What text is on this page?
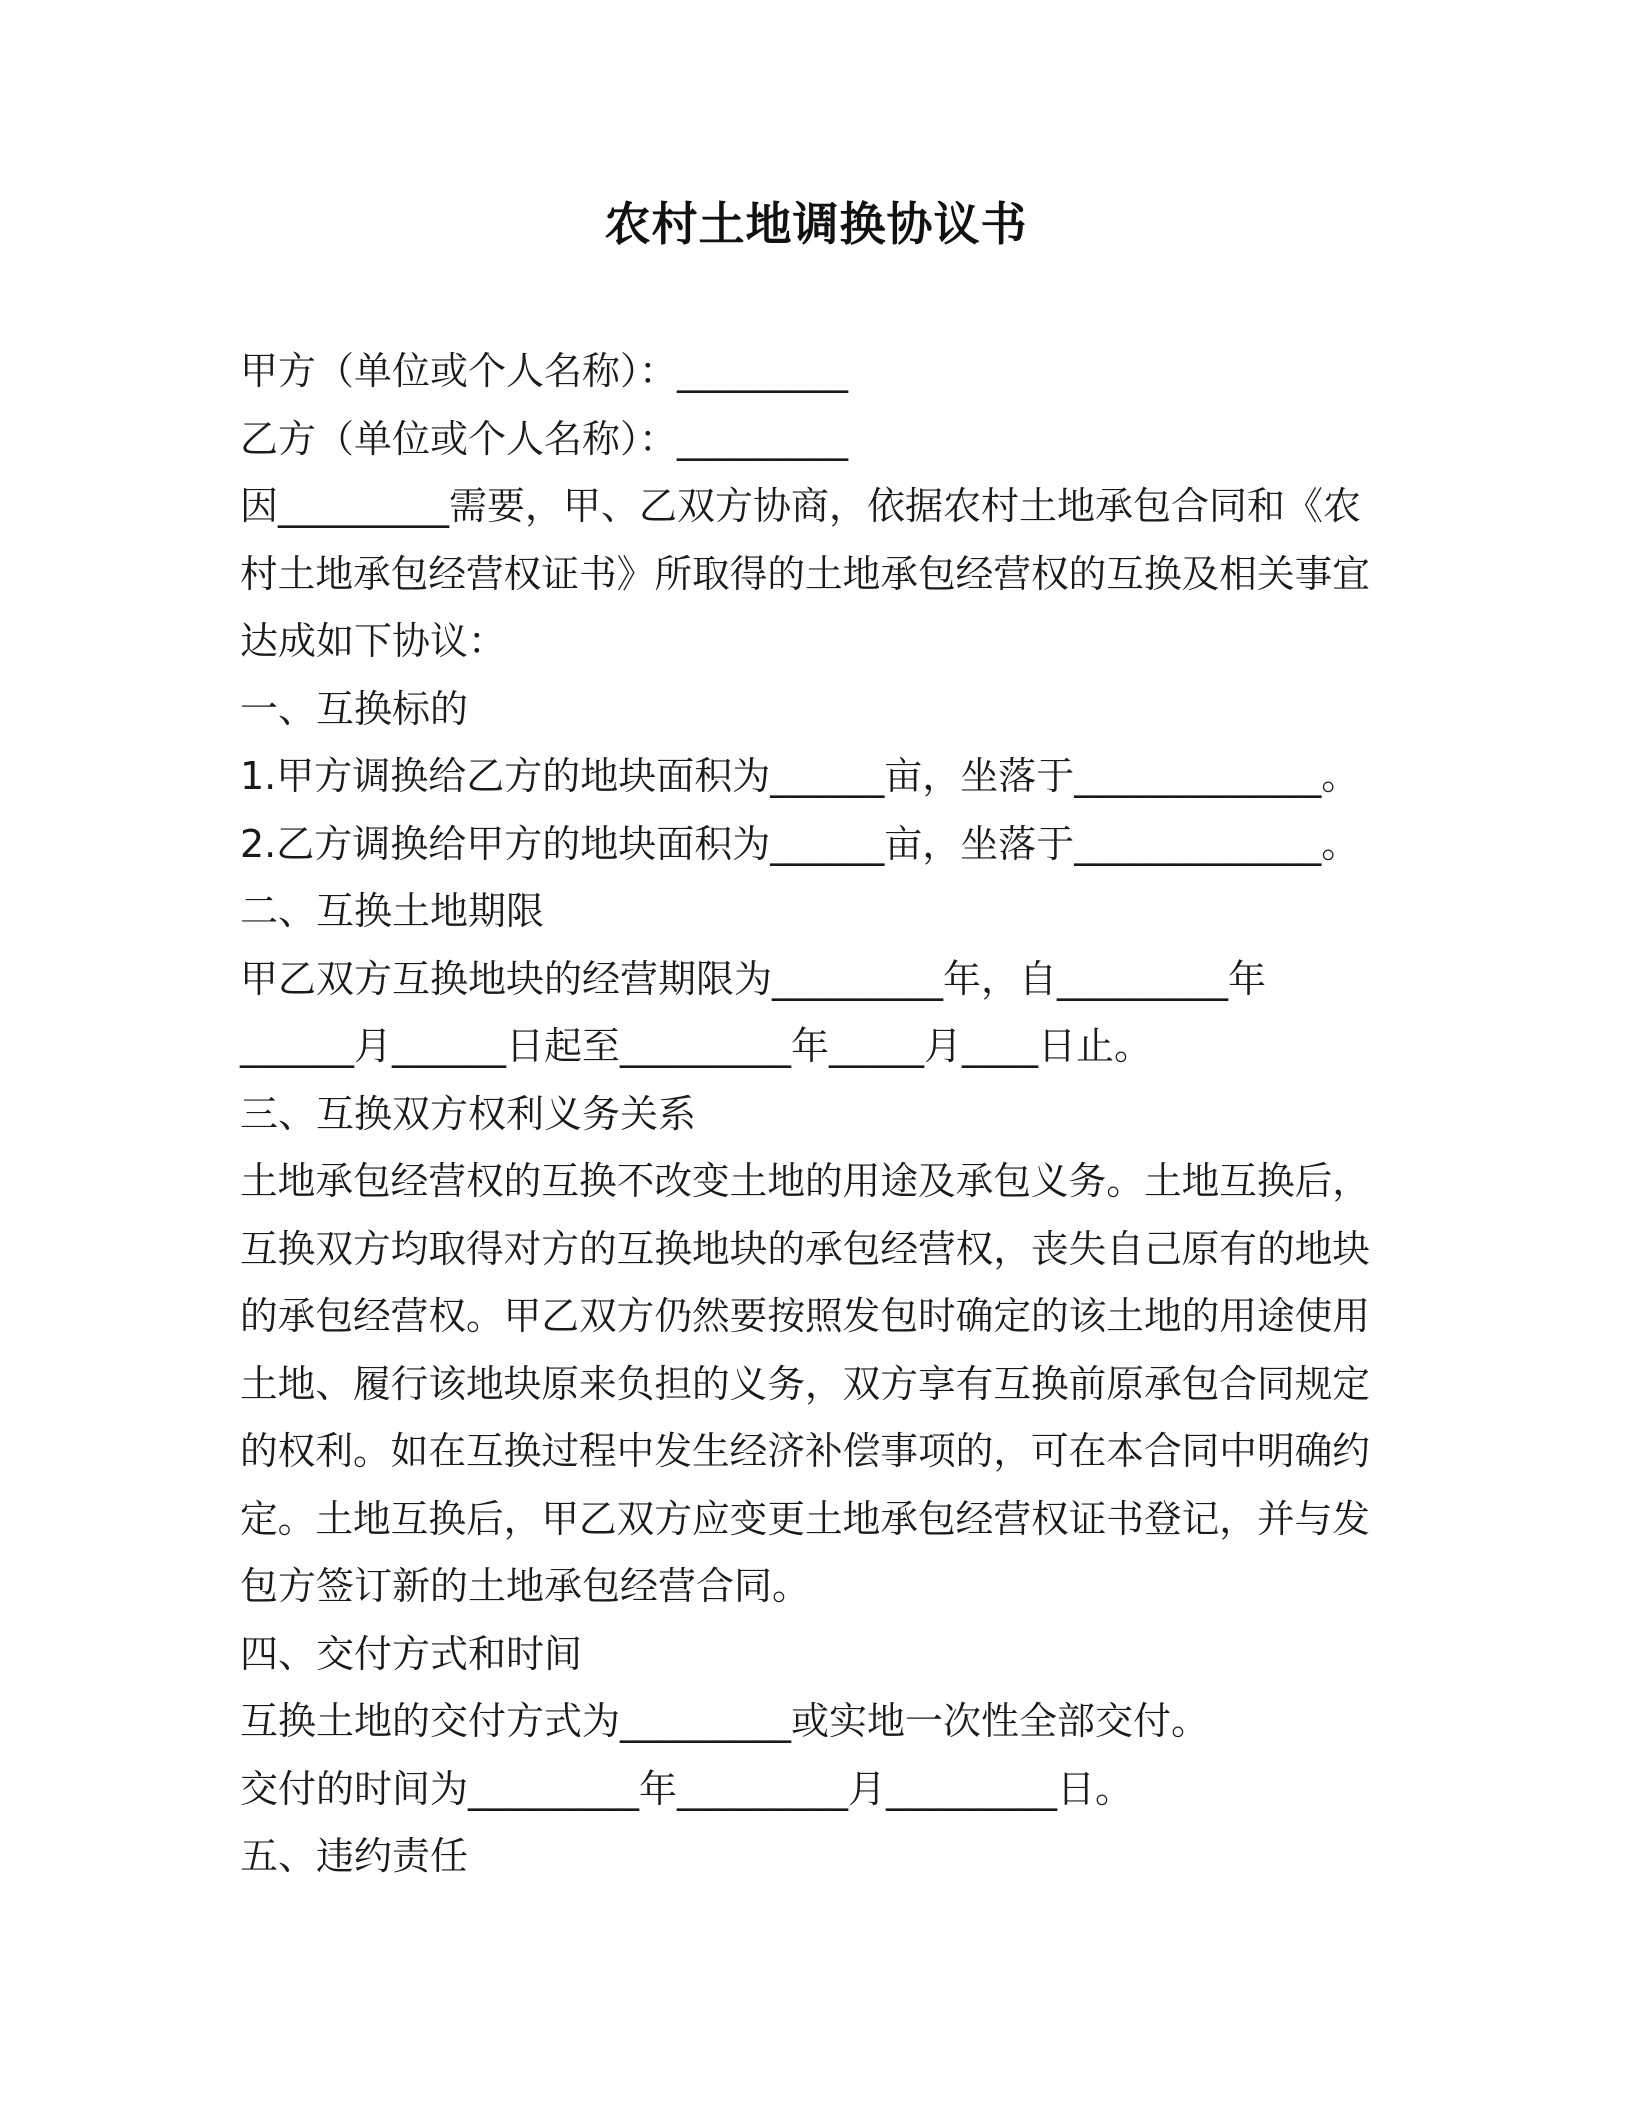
农村土地调换协议书
甲方（单位或个人名称）：_________
乙方（单位或个人名称）：_________
因_________需要，甲、乙双方协商，依据农村土地承包合同和《农
村土地承包经营权证书》所取得的土地承包经营权的互换及相关事宜
达成如下协议：
一、互换标的
1.甲方调换给乙方的地块面积为______亩，坐落于_____________。
2.乙方调换给甲方的地块面积为______亩，坐落于_____________。
二、互换土地期限
甲乙双方互换地块的经营期限为_________年，自_________年
______月______日起至_________年_____月____日止。
三、互换双方权利义务关系
土地承包经营权的互换不改变土地的用途及承包义务。土地互换后，
互换双方均取得对方的互换地块的承包经营权，丧失自己原有的地块
的承包经营权。甲乙双方仍然要按照发包时确定的该土地的用途使用
土地、履行该地块原来负担的义务，双方享有互换前原承包合同规定
的权利。如在互换过程中发生经济补偿事项的，可在本合同中明确约
定。土地互换后，甲乙双方应变更土地承包经营权证书登记，并与发
包方签订新的土地承包经营合同。
四、交付方式和时间
互换土地的交付方式为_________或实地一次性全部交付。
交付的时间为_________年_________月_________日。
五、违约责任
